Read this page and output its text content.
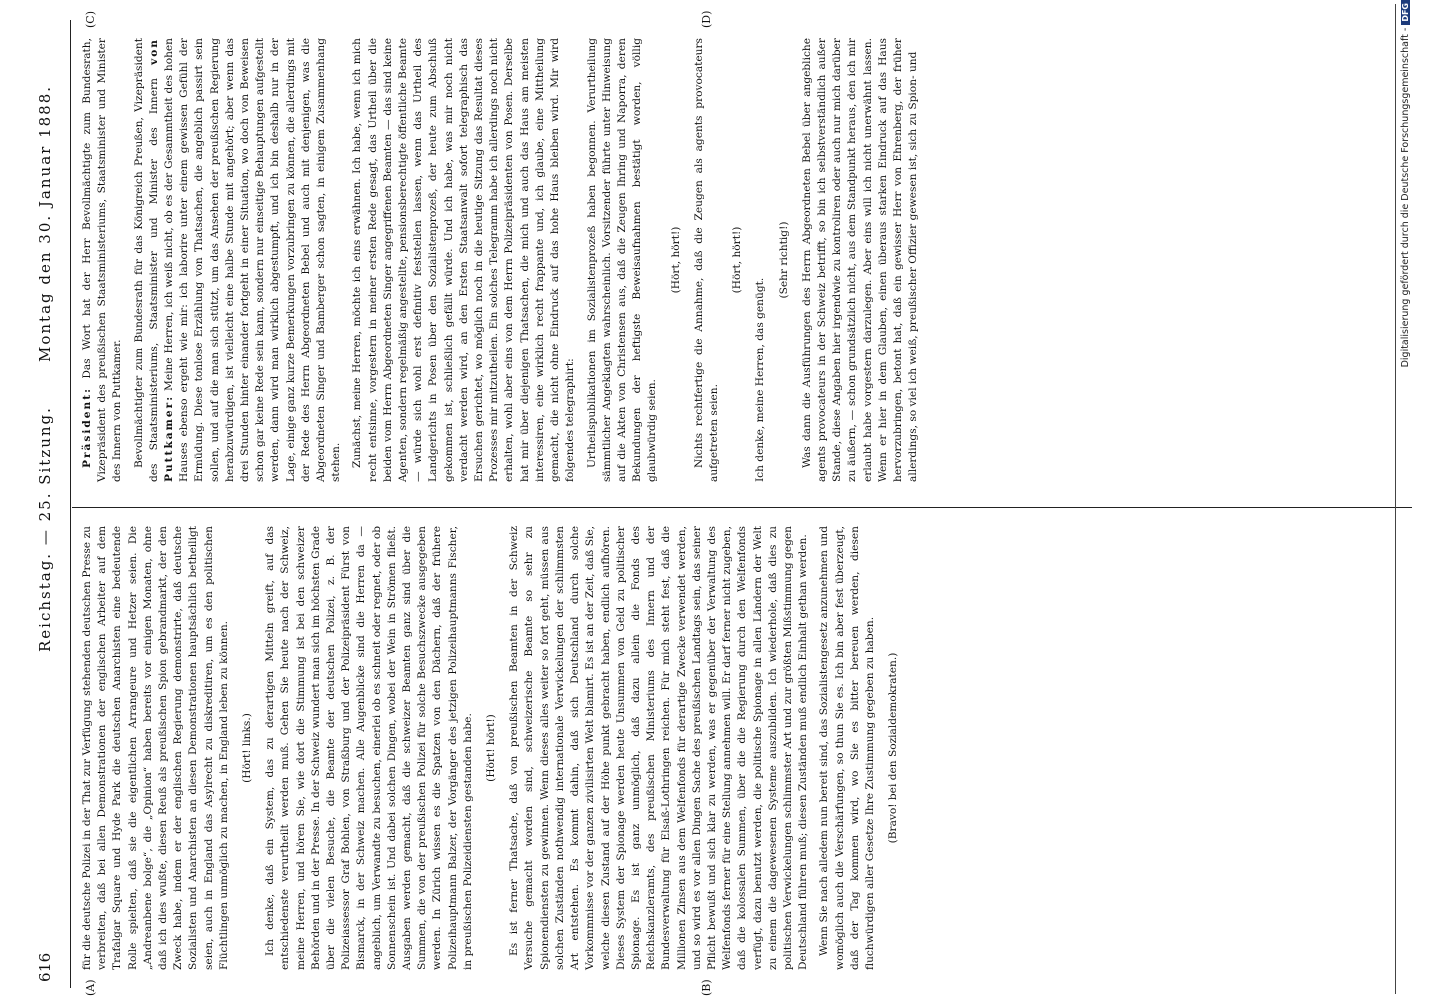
616
Reichstag. — 25. Sitzung.
Montag den 30. Januar 1888.
(A)	(B)
(C)	(D)

für die deutsche Polizei in der That zur Verfügung stehenden deutschen Presse zu verbreiten, daß bei allen Demonstrationen der englischen Arbeiter auf dem Trafalgar Square und Hyde Park die deutschen Anarchisten eine bedeutende Rolle spielten, daß sie die eigentlichen Arrangeure und Hetzer seien. Die „Andreanbene bolge“, die „Opinion“ haben bereits vor einigen Monaten, ohne daß ich dies wußte, diesen Reuß als preußischen Spion gebrandmarkt, der den Zweck habe, indem er der englischen Regierung demonstrirte, daß deutsche Sozialisten und Anarchisten an diesen Demonstrationen hauptsächlich betheiligt seien, auch in England das Asylrecht zu diskreditiren, um es den politischen Flüchtlingen unmöglich zu machen, in England leben zu können. (Hört! links.) Ich denke, daß ein System, das zu derartigen Mitteln greift, auf das entschiedenste verurtheilt werden muß. Gehen Sie heute nach der Schweiz, meine Herren, und hören Sie, wie dort die Stimmung ist bei den schweizer Behörden und in der Presse. In der Schweiz wundert man sich im höchsten Grade über die vielen Besuche, die Beamte der deutschen Polizei, z. B. der Polizeiassessor Graf Bohlen, von Straßburg und der Polizeipräsident Fürst von Bismarck, in der Schweiz machen. Alle Augenblicke sind die Herren da — angeblich, um Verwandte zu besuchen, einerlei ob es schneit oder regnet, oder ob Sonnenschein ist. Und dabei solchen Dingen, wobei der Wein in Strömen fließt. Ausgaben werden gemacht, daß die schweizer Beamten ganz sind über die Summen, die von der preußischen Polizei für solche Besuchszwecke ausgegeben werden. In Zürich wissen es die Spatzen von den Dächern, daß der frühere Polizeihauptmann Balzer, der Vorgänger des jetzigen Polizeihauptmanns Fischer, in preußischen Polizeidiensten gestanden habe. (Hört! hört!) Es ist ferner Thatsache, daß von preußischen Beamten in der Schweiz Versuche gemacht worden sind, schweizerische Beamte so sehr zu Spionendiensten zu gewinnen. Wenn dieses alles weiter so fort geht, müssen aus solchen Zuständen nothwendig internationale Verwickelungen der schlimmsten Art entstehen. Es kommt dahin, daß sich Deutschland durch solche Vorkommnisse vor der ganzen zivilisirten Welt blamirt. Es ist an der Zeit, daß Sie, welche diesen Zustand auf der Höhe punkt gebracht haben, endlich aufhören. Dieses System der Spionage werden heute Unsummen von Geld zu politischer Spionage. Es ist ganz unmöglich, daß dazu allein die Fonds des Reichskanzleramts, des preußischen Ministeriums des Innern und der Bundesverwaltung für Elsaß-Lothringen reichen. Für mich steht fest, daß die Millionen Zinsen aus dem Welfenfonds für derartige Zwecke verwendet werden, und so wird es vor allen Dingen Sache des preußischen Landtags sein, das seiner Pflicht bewußt und sich klar zu werden, was er gegenüber der Verwaltung des Welfenfonds ferner für eine Stellung annehmen will. Er darf ferner nicht zugeben, daß die kolossalen Summen, über die die Regierung durch den Welfenfonds verfügt, dazu benutzt werden, die politische Spionage in allen Ländern der Welt zu einem die dagewesenen Systeme auszubilden. Ich wiederhole, daß dies zu politischen Verwickelungen schlimmster Art und zur größten Mißstimmung gegen Deutschland führen muß; diesen Zuständen muß endlich Einhalt gethan werden. Wenn Sie nach alledem nun bereit sind, das Sozialistengesetz anzunehmen und womöglich auch die Verschärfungen, so thun Sie es. Ich bin aber fest überzeugt, daß der Tag kommen wird, wo Sie es bitter bereuen werden, diesen fluchwürdigen aller Gesetze Ihre Zustimmung gegeben zu haben. (Bravo! bei den Sozialdemokraten.)

Präsident: Das Wort hat der Herr Bevollmächtigte zum Bundesrath, Vizepräsident des preußischen Staatsministeriums, Staatsminister und Minister des Innern von Puttkamer. Bevollmächtigter zum Bundesrath für das Königreich Preußen, Vizepräsident des Staatsministeriums, Staatsminister und Minister des Innern von Puttkamer: Meine Herren, ich weiß nicht, ob es der Gesammtheit des hohen Hauses ebenso ergeht wie mir: ich laborire unter einem gewissen Gefühl der Ermüdung. Diese tonlose Erzählung von Thatsachen, die angeblich passirt sein sollen, und auf die man sich stützt, um das Ansehen der preußischen Regierung herabzuwürdigen, ist vielleicht eine halbe Stunde mit angehört; aber wenn das drei Stunden hinter einander fortgeht in einer Situation, wo doch von Beweisen schon gar keine Rede sein kann, sondern nur einseitige Behauptungen aufgestellt werden, dann wird man wirklich abgestumpft, und ich bin deshalb nur in der Lage, einige ganz kurze Bemerkungen vorzubringen zu können, die allerdings mit der Rede des Herrn Abgeordneten Bebel und auch mit denjenigen, was die Abgeordneten Singer und Bamberger schon sagten, in einigem Zusammenhang stehen. Zunächst, meine Herren, möchte ich eins erwähnen. Ich habe, wenn ich mich recht entsinne, vorgestern in meiner ersten Rede gesagt, das Urtheil über die beiden vom Herrn Abgeordneten Singer angegriffenen Beamten — das sind keine Agenten, sondern regelmäßig angestellte, pensionsberechtigte öffentliche Beamte — würde sich wohl erst definitiv feststellen lassen, wenn das Urtheil des Landgerichts in Posen über den Sozialistenprozeß, der heute zum Abschluß gekommen ist, schließlich gefällt würde. Und ich habe, was mir noch nicht verdacht werden wird, an den Ersten Staatsanwalt sofort telegraphisch das Ersuchen gerichtet, wo möglich noch in die heutige Sitzung das Resultat dieses Prozesses mir mitzutheilen. Ein solches Telegramm habe ich allerdings noch nicht erhalten, wohl aber eins von dem Herrn Polizeipräsidenten von Posen. Derselbe hat mir über diejenigen Thatsachen, die mich und auch das Haus am meisten interessiren, eine wirklich recht frappante und, ich glaube, eine Mittheilung gemacht, die nicht ohne Eindruck auf das hohe Haus bleiben wird. Mir wird folgendes telegraphirt: Urtheilspublikationen im Sozialistenprozeß haben begonnen. Verurtheilung sämmtlicher Angeklagten wahrscheinlich. Vorsitzender führte unter Hinweisung auf die Akten von Christensen aus, daß die Zeugen Ihring und Naporra, deren Bekundungen der heftigste Beweisaufnahmen bestätigt worden, völlig glaubwürdig seien.

(Hört, hört!) Nichts rechtfertige die Annahme, daß die Zeugen als agents provocateurs aufgetreten seien.

(Hört, hört!)

Ich denke, meine Herren, das genügt.

(Sehr richtig!) Was dann die Ausführungen des Herrn Abgeordneten Bebel über angebliche agents provocateurs in der Schweiz betrifft, so bin ich selbstverständlich außer Stande, diese Angaben hier irgendwie zu kontroliren oder auch nur mich darüber zu äußern, — schon grundsätzlich nicht, aus dem Standpunkt heraus, den ich mir erlaubt habe vorgestern darzulegen. Aber eins will ich nicht unerwähnt lassen. Wenn er hier in dem Glauben, einen überaus starken Eindruck auf das Haus hervorzubringen, betont hat, daß ein gewisser Herr von Ehrenberg, der früher allerdings, so viel ich weiß, preußischer Offizier gewesen ist, sich zu Spion- und	Digitalisierung gefördert durch die Deutsche Forschungsgemeinschaft -DFG
